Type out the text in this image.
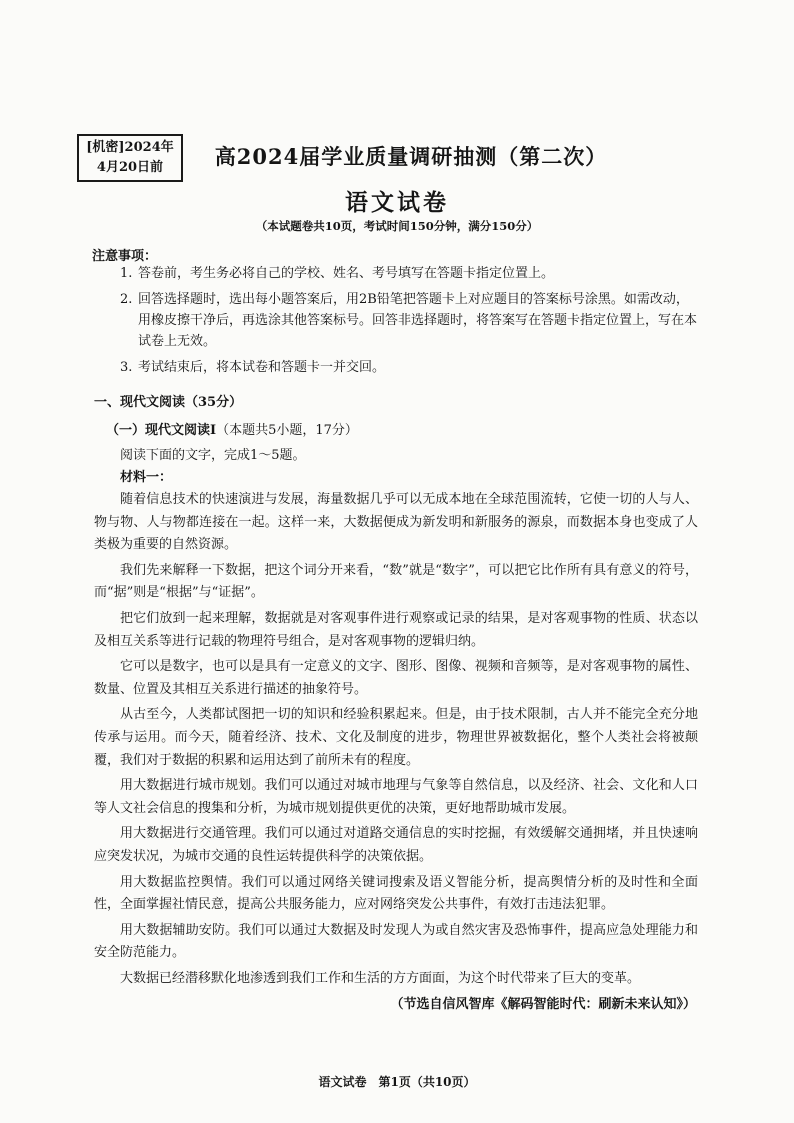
[机密]2024年
4月20日前	高2024届学业质量调研抽测（第二次）
语文试卷
（本试题卷共10页，考试时间150分钟，满分150分）
注意事项：
1. 答卷前，考生务必将自己的学校、姓名、考号填写在答题卡指定位置上。
2. 回答选择题时，选出每小题答案后，用2B铅笔把答题卡上对应题目的答案标号涂黑。如需改动，用橡皮擦干净后，再选涂其他答案标号。回答非选择题时，将答案写在答题卡指定位置上，写在本试卷上无效。
3. 考试结束后，将本试卷和答题卡一并交回。
一、现代文阅读（35分）
（一）现代文阅读Ⅰ（本题共5小题，17分）
阅读下面的文字，完成1～5题。
材料一：
随着信息技术的快速演进与发展，海量数据几乎可以无成本地在全球范围流转，它使一切的人与人、物与物、人与物都连接在一起。这样一来，大数据便成为新发明和新服务的源泉，而数据本身也变成了人类极为重要的自然资源。
我们先来解释一下数据，把这个词分开来看，“数”就是“数字”，可以把它比作所有具有意义的符号，而“据”则是“根据”与“证据”。
把它们放到一起来理解，数据就是对客观事件进行观察或记录的结果，是对客观事物的性质、状态以及相互关系等进行记载的物理符号组合，是对客观事物的逻辑归纳。
它可以是数字，也可以是具有一定意义的文字、图形、图像、视频和音频等，是对客观事物的属性、数量、位置及其相互关系进行描述的抽象符号。
从古至今，人类都试图把一切的知识和经验积累起来。但是，由于技术限制，古人并不能完全充分地传承与运用。而今天，随着经济、技术、文化及制度的进步，物理世界被数据化，整个人类社会将被颠覆，我们对于数据的积累和运用达到了前所未有的程度。
用大数据进行城市规划。我们可以通过对城市地理与气象等自然信息，以及经济、社会、文化和人口等人文社会信息的搜集和分析，为城市规划提供更优的决策，更好地帮助城市发展。
用大数据进行交通管理。我们可以通过对道路交通信息的实时挖掘，有效缓解交通拥堵，并且快速响应突发状况，为城市交通的良性运转提供科学的决策依据。
用大数据监控舆情。我们可以通过网络关键词搜索及语义智能分析，提高舆情分析的及时性和全面性，全面掌握社情民意，提高公共服务能力，应对网络突发公共事件，有效打击违法犯罪。
用大数据辅助安防。我们可以通过大数据及时发现人为或自然灾害及恐怖事件，提高应急处理能力和安全防范能力。
大数据已经潜移默化地渗透到我们工作和生活的方方面面，为这个时代带来了巨大的变革。
（节选自信风智库《解码智能时代：刷新未来认知》）
语文试卷　第1页（共10页）
